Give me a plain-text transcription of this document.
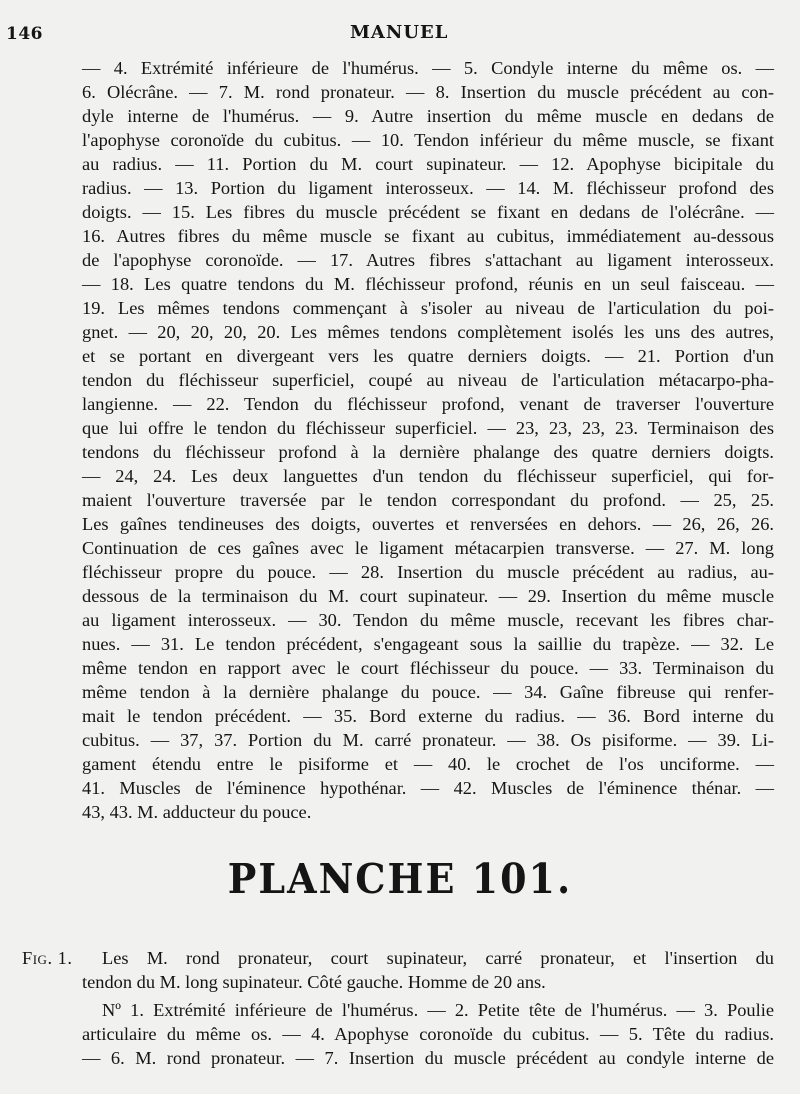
146	MANUEL
— 4. Extrémité inférieure de l'humérus. — 5. Condyle interne du même os. —
6. Olécrâne. — 7. M. rond pronateur. — 8. Insertion du muscle précédent au con-
dyle interne de l'humérus. — 9. Autre insertion du même muscle en dedans de
l'apophyse coronoïde du cubitus. — 10. Tendon inférieur du même muscle, se fixant
au radius. — 11. Portion du M. court supinateur. — 12. Apophyse bicipitale du
radius. — 13. Portion du ligament interosseux. — 14. M. fléchisseur profond des
doigts. — 15. Les fibres du muscle précédent se fixant en dedans de l'olécrâne. —
16. Autres fibres du même muscle se fixant au cubitus, immédiatement au-dessous
de l'apophyse coronoïde. — 17. Autres fibres s'attachant au ligament interosseux.
— 18. Les quatre tendons du M. fléchisseur profond, réunis en un seul faisceau. —
19. Les mêmes tendons commençant à s'isoler au niveau de l'articulation du poi-
gnet. — 20, 20, 20, 20. Les mêmes tendons complètement isolés les uns des autres,
et se portant en divergeant vers les quatre derniers doigts. — 21. Portion d'un
tendon du fléchisseur superficiel, coupé au niveau de l'articulation métacarpo-pha-
langienne. — 22. Tendon du fléchisseur profond, venant de traverser l'ouverture
que lui offre le tendon du fléchisseur superficiel. — 23, 23, 23, 23. Terminaison des
tendons du fléchisseur profond à la dernière phalange des quatre derniers doigts.
— 24, 24. Les deux languettes d'un tendon du fléchisseur superficiel, qui for-
maient l'ouverture traversée par le tendon correspondant du profond. — 25, 25.
Les gaînes tendineuses des doigts, ouvertes et renversées en dehors. — 26, 26, 26.
Continuation de ces gaînes avec le ligament métacarpien transverse. — 27. M. long
fléchisseur propre du pouce. — 28. Insertion du muscle précédent au radius, au-
dessous de la terminaison du M. court supinateur. — 29. Insertion du même muscle
au ligament interosseux. — 30. Tendon du même muscle, recevant les fibres char-
nues. — 31. Le tendon précédent, s'engageant sous la saillie du trapèze. — 32. Le
même tendon en rapport avec le court fléchisseur du pouce. — 33. Terminaison du
même tendon à la dernière phalange du pouce. — 34. Gaîne fibreuse qui renfer-
mait le tendon précédent. — 35. Bord externe du radius. — 36. Bord interne du
cubitus. — 37, 37. Portion du M. carré pronateur. — 38. Os pisiforme. — 39. Li-
gament étendu entre le pisiforme et — 40. le crochet de l'os unciforme. —
41. Muscles de l'éminence hypothénar. — 42. Muscles de l'éminence thénar. —
43, 43. M. adducteur du pouce.
PLANCHE 101.
Fig. 1.	Les M. rond pronateur, court supinateur, carré pronateur, et l'insertion du
tendon du M. long supinateur. Côté gauche. Homme de 20 ans.
Nº 1. Extrémité inférieure de l'humérus. — 2. Petite tête de l'humérus. — 3. Poulie
articulaire du même os. — 4. Apophyse coronoïde du cubitus. — 5. Tête du radius.
— 6. M. rond pronateur. — 7. Insertion du muscle précédent au condyle interne de
